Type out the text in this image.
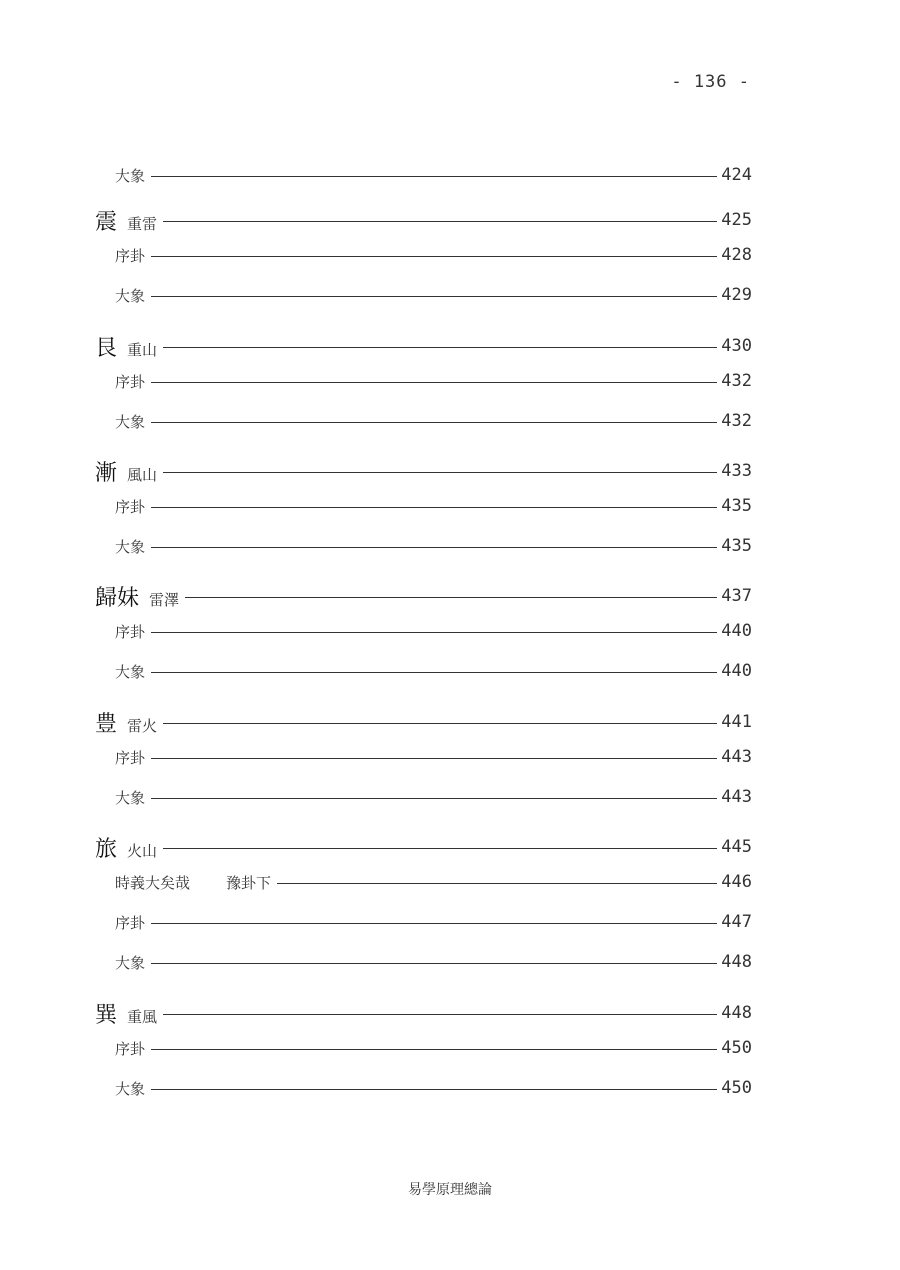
- 136 -
大象	424
震 重雷	425
序卦	428
大象	429
艮 重山	430
序卦	432
大象	432
漸 風山	433
序卦	435
大象	435
歸妹 雷澤	437
序卦	440
大象	440
豊 雷火	441
序卦	443
大象	443
旅 火山	445
時義大矣哉 豫卦下	446
序卦	447
大象	448
巽 重風	448
序卦	450
大象	450
易學原理總論
